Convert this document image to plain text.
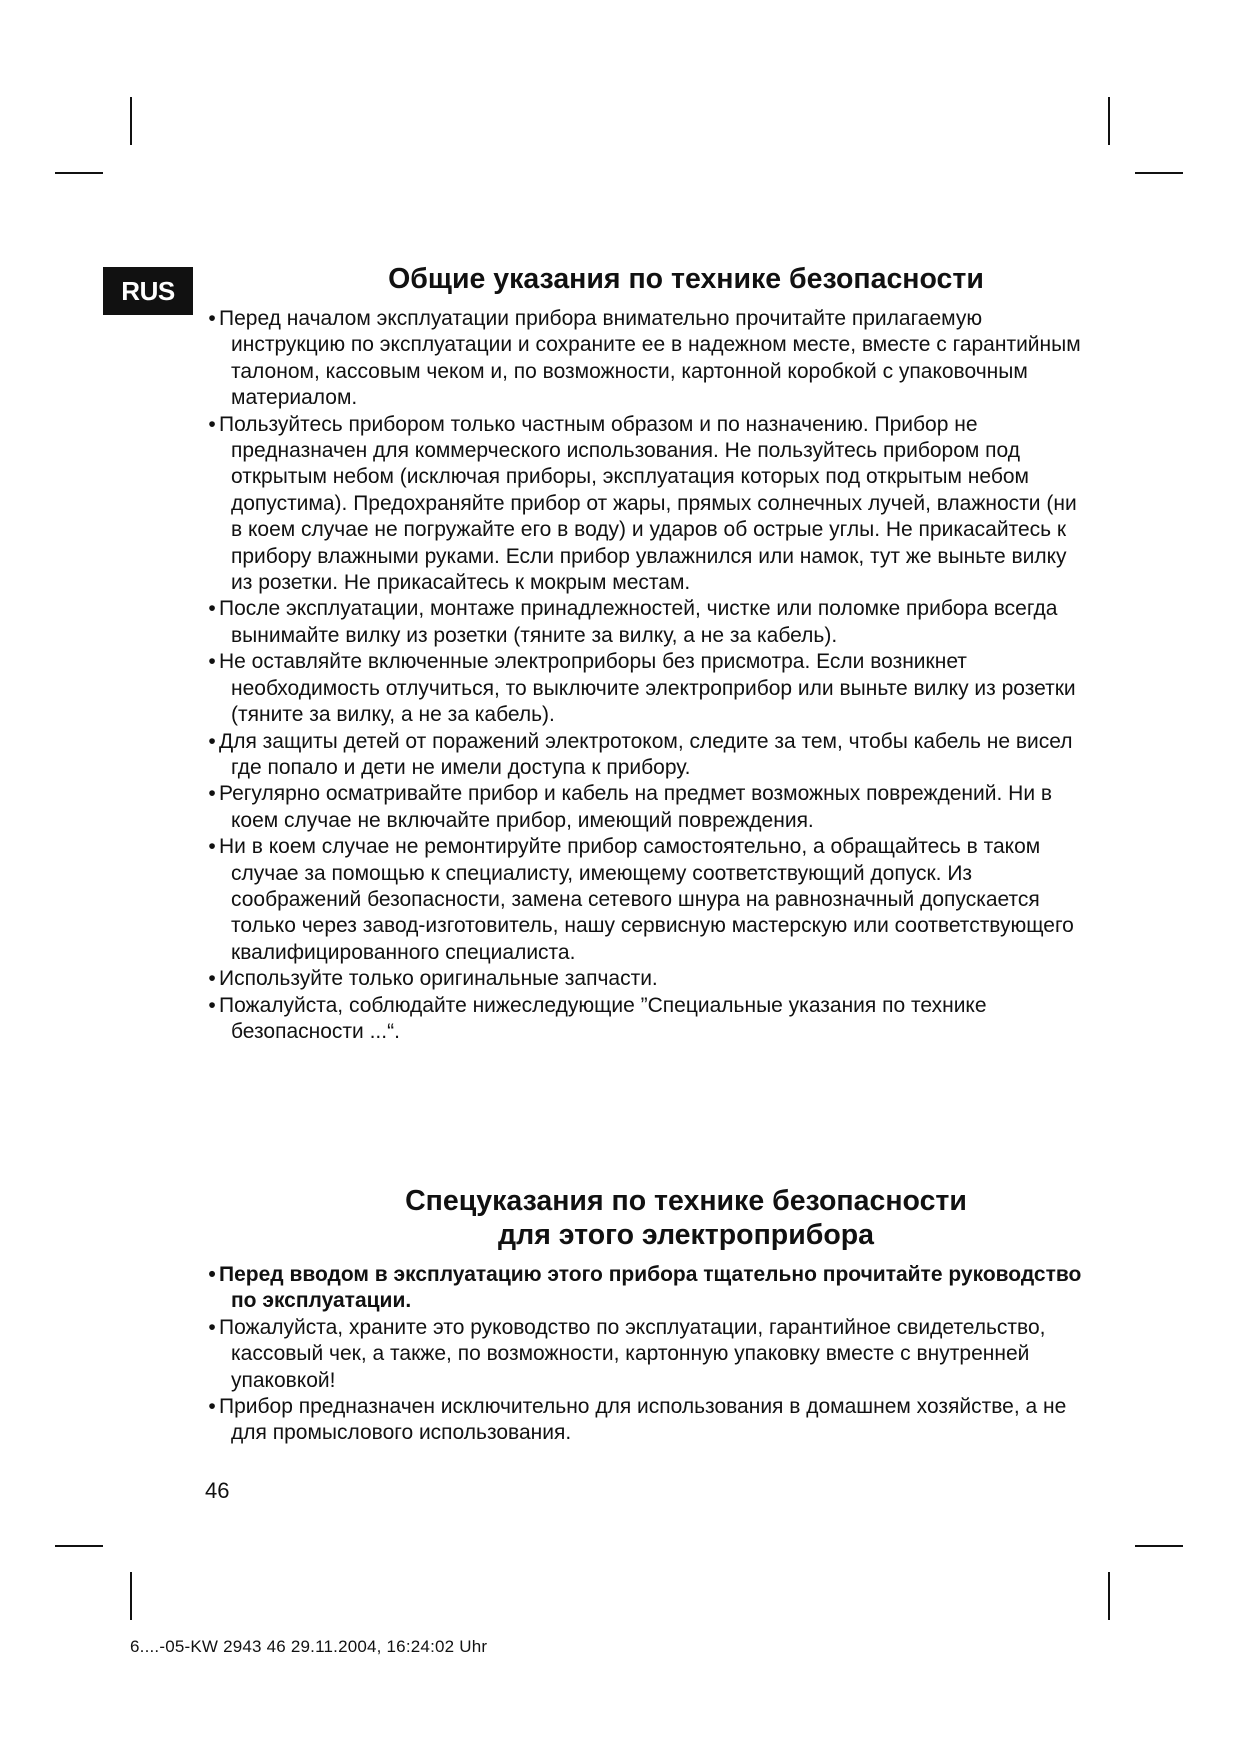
RUS	Общие указания по технике безопасности
• Перед началом эксплуатации прибора внимательно прочитайте прилагаемую инструкцию по эксплуатации и сохраните ее в надежном месте, вместе с гарантийным талоном, кассовым чеком и, по возможности, картонной коробкой с упаковочным материалом.
• Пользуйтесь прибором только частным образом и по назначению. Прибор не предназначен для коммерческого использования. Не пользуйтесь прибором под открытым небом (исключая приборы, эксплуатация которых под открытым небом допустима). Предохраняйте прибор от жары, прямых солнечных лучей, влажности (ни в коем случае не погружайте его в воду) и ударов об острые углы. Не прикасайтесь к прибору влажными руками. Если прибор увлажнился или намок, тут же выньте вилку из розетки. Не прикасайтесь к мокрым местам.
• После эксплуатации, монтаже принадлежностей, чистке или поломке прибора всегда вынимайте вилку из розетки (тяните за вилку, а не за кабель).
• Не оставляйте включенные электроприборы без присмотра. Если возникнет необходимость отлучиться, то выключите электроприбор или выньте вилку из розетки (тяните за вилку, а не за кабель).
• Для защиты детей от поражений электротоком, следите за тем, чтобы кабель не висел где попало и дети не имели доступа к прибору.
• Регулярно осматривайте прибор и кабель на предмет возможных повреждений. Ни в коем случае не включайте прибор, имеющий повреждения.
• Ни в коем случае не ремонтируйте прибор самостоятельно, а обращайтесь в таком случае за помощью к специалисту, имеющему соответствующий допуск. Из соображений безопасности, замена сетевого шнура на равнозначный допускается только через завод-изготовитель, нашу сервисную мастерскую или соответствующего квалифицированного специалиста.
• Используйте только оригинальные запчасти.
• Пожалуйста, соблюдайте нижеследующие ”Специальные указания по технике безопасности ...“.
Спецуказания по технике безопасности
для этого электроприбора
• Перед вводом в эксплуатацию этого прибора тщательно прочитайте руководство по эксплуатации.
• Пожалуйста, храните это руководство по эксплуатации, гарантийное свидетельство, кассовый чек, а также, по возможности, картонную упаковку вместе с внутренней упаковкой!
• Прибор предназначен исключительно для использования в домашнем хозяйстве, а не для промыслового использования.
46
6....-05-KW 2943 46 29.11.2004, 16:24:02 Uhr
